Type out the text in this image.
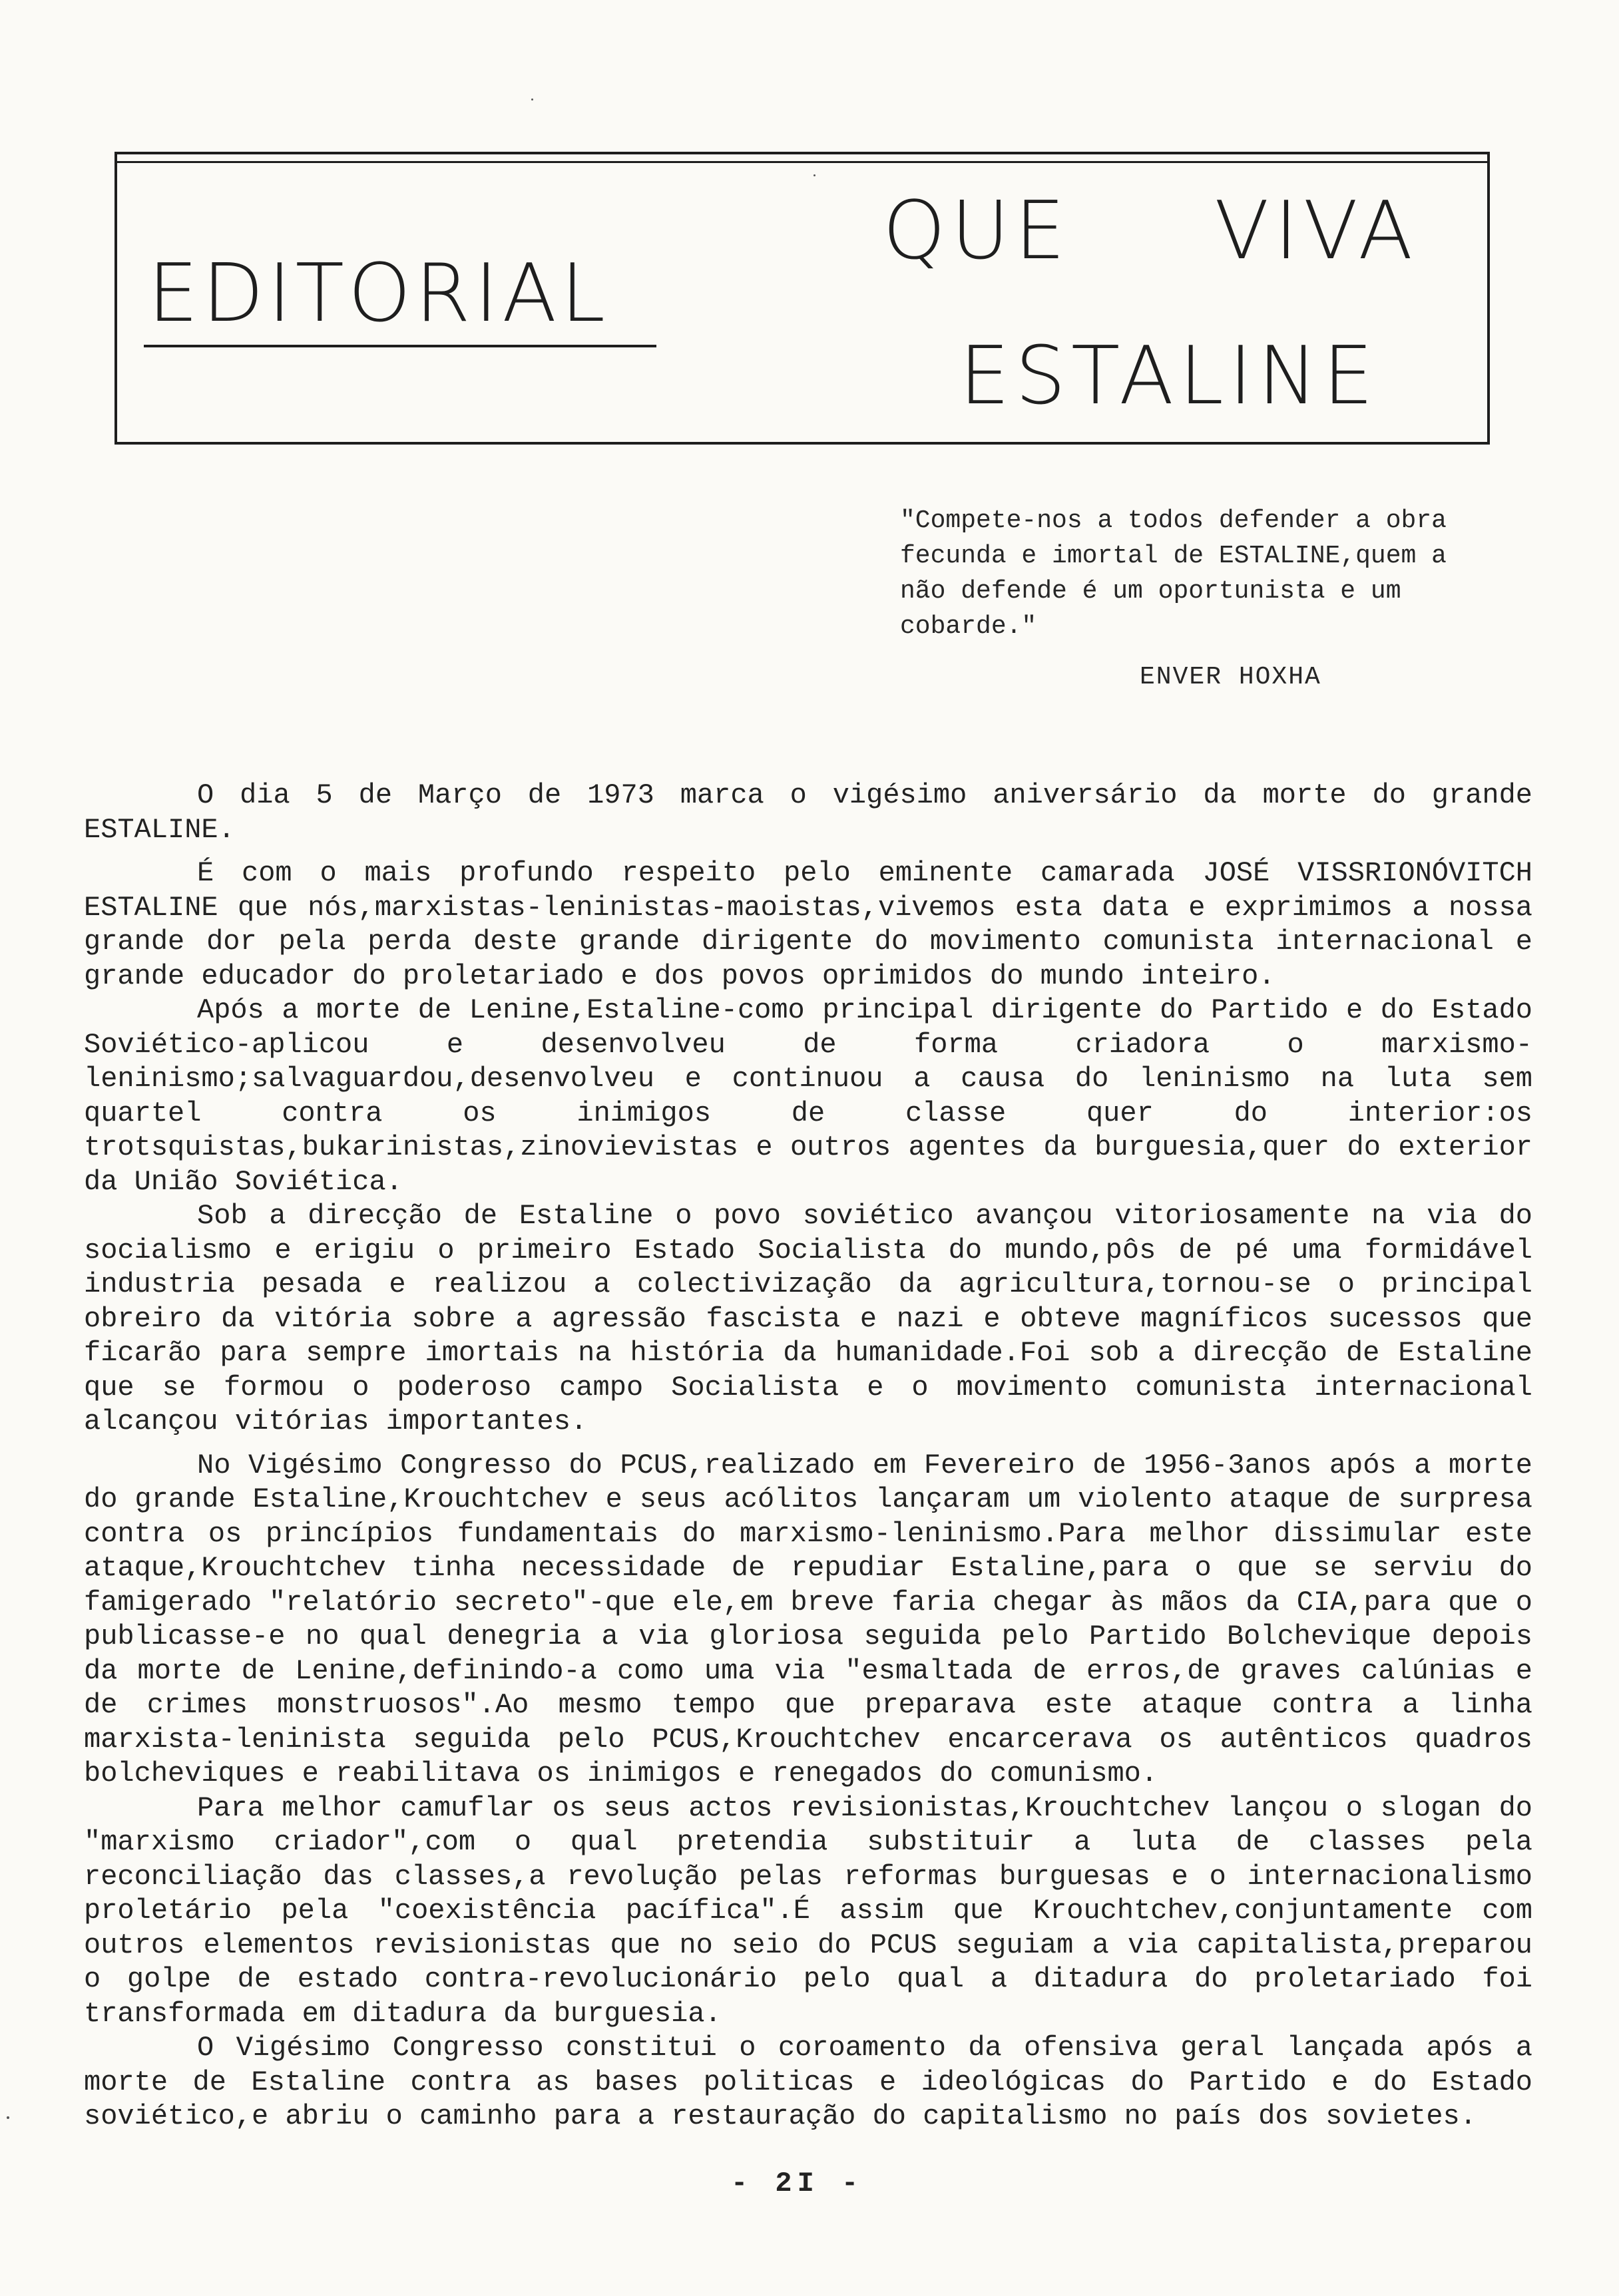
EDITORIAL
QUE VIVA
ESTALINE
"Compete-nos a todos defender a obra fecunda e imortal de ESTALINE,quem a não defende é um oportunista e um cobarde."
ENVER HOXHA

O dia 5 de Março de 1973 marca o vigésimo aniversário da morte do grande ESTALINE.

É com o mais profundo respeito pelo eminente camarada JOSÉ VISSRIONÓVITCH ESTALINE que nós,marxistas-leninistas-maoistas,vivemos esta data e exprimimos a nossa grande dor pela perda deste grande dirigente do movimento comunista internacional e grande educador do proletariado e dos povos oprimidos do mundo inteiro.

Após a morte de Lenine,Estaline-como principal dirigente do Partido e do Estado Soviético-aplicou e desenvolveu de forma criadora o marxismo-leninismo;salvaguardou,desenvolveu e continuou a causa do leninismo na luta sem quartel contra os inimigos de classe quer do interior:os trotsquistas,bukarinistas,zinovievistas e outros agentes da burguesia,quer do exterior da União Soviética.

Sob a direcção de Estaline o povo soviético avançou vitoriosamente na via do socialismo e erigiu o primeiro Estado Socialista do mundo,pôs de pé uma formidável industria pesada e realizou a colectivização da agricultura,tornou-se o principal obreiro da vitória sobre a agressão fascista e nazi e obteve magníficos sucessos que ficarão para sempre imortais na história da humanidade.Foi sob a direcção de Estaline que se formou o poderoso campo Socialista e o movimento comunista internacional alcançou vitórias importantes.

No Vigésimo Congresso do PCUS,realizado em Fevereiro de 1956-3anos após a morte do grande Estaline,Krouchtchev e seus acólitos lançaram um violento ataque de surpresa contra os princípios fundamentais do marxismo-leninismo.Para melhor dissimular este ataque,Krouchtchev tinha necessidade de repudiar Estaline,para o que se serviu do famigerado "relatório secreto"-que ele,em breve faria chegar às mãos da CIA,para que o publicasse-e no qual denegria a via gloriosa seguida pelo Partido Bolchevique depois da morte de Lenine,definindo-a como uma via "esmaltada de erros,de graves calúnias e de crimes monstruosos".Ao mesmo tempo que preparava este ataque contra a linha marxista-leninista seguida pelo PCUS,Krouchtchev encarcerava os autênticos quadros bolcheviques e reabilitava os inimigos e renegados do comunismo.

Para melhor camuflar os seus actos revisionistas,Krouchtchev lançou o slogan do "marxismo criador",com o qual pretendia substituir a luta de classes pela reconciliação das classes,a revolução pelas reformas burguesas e o internacionalismo proletário pela "coexistência pacífica".É assim que Krouchtchev,conjuntamente com outros elementos revisionistas que no seio do PCUS seguiam a via capitalista,preparou o golpe de estado contra-revolucionário pelo qual a ditadura do proletariado foi transformada em ditadura da burguesia.

O Vigésimo Congresso constitui o coroamento da ofensiva geral lançada após a morte de Estaline contra as bases politicas e ideológicas do Partido e do Estado soviético,e abriu o caminho para a restauração do capitalismo no país dos sovietes.

- 2I -
